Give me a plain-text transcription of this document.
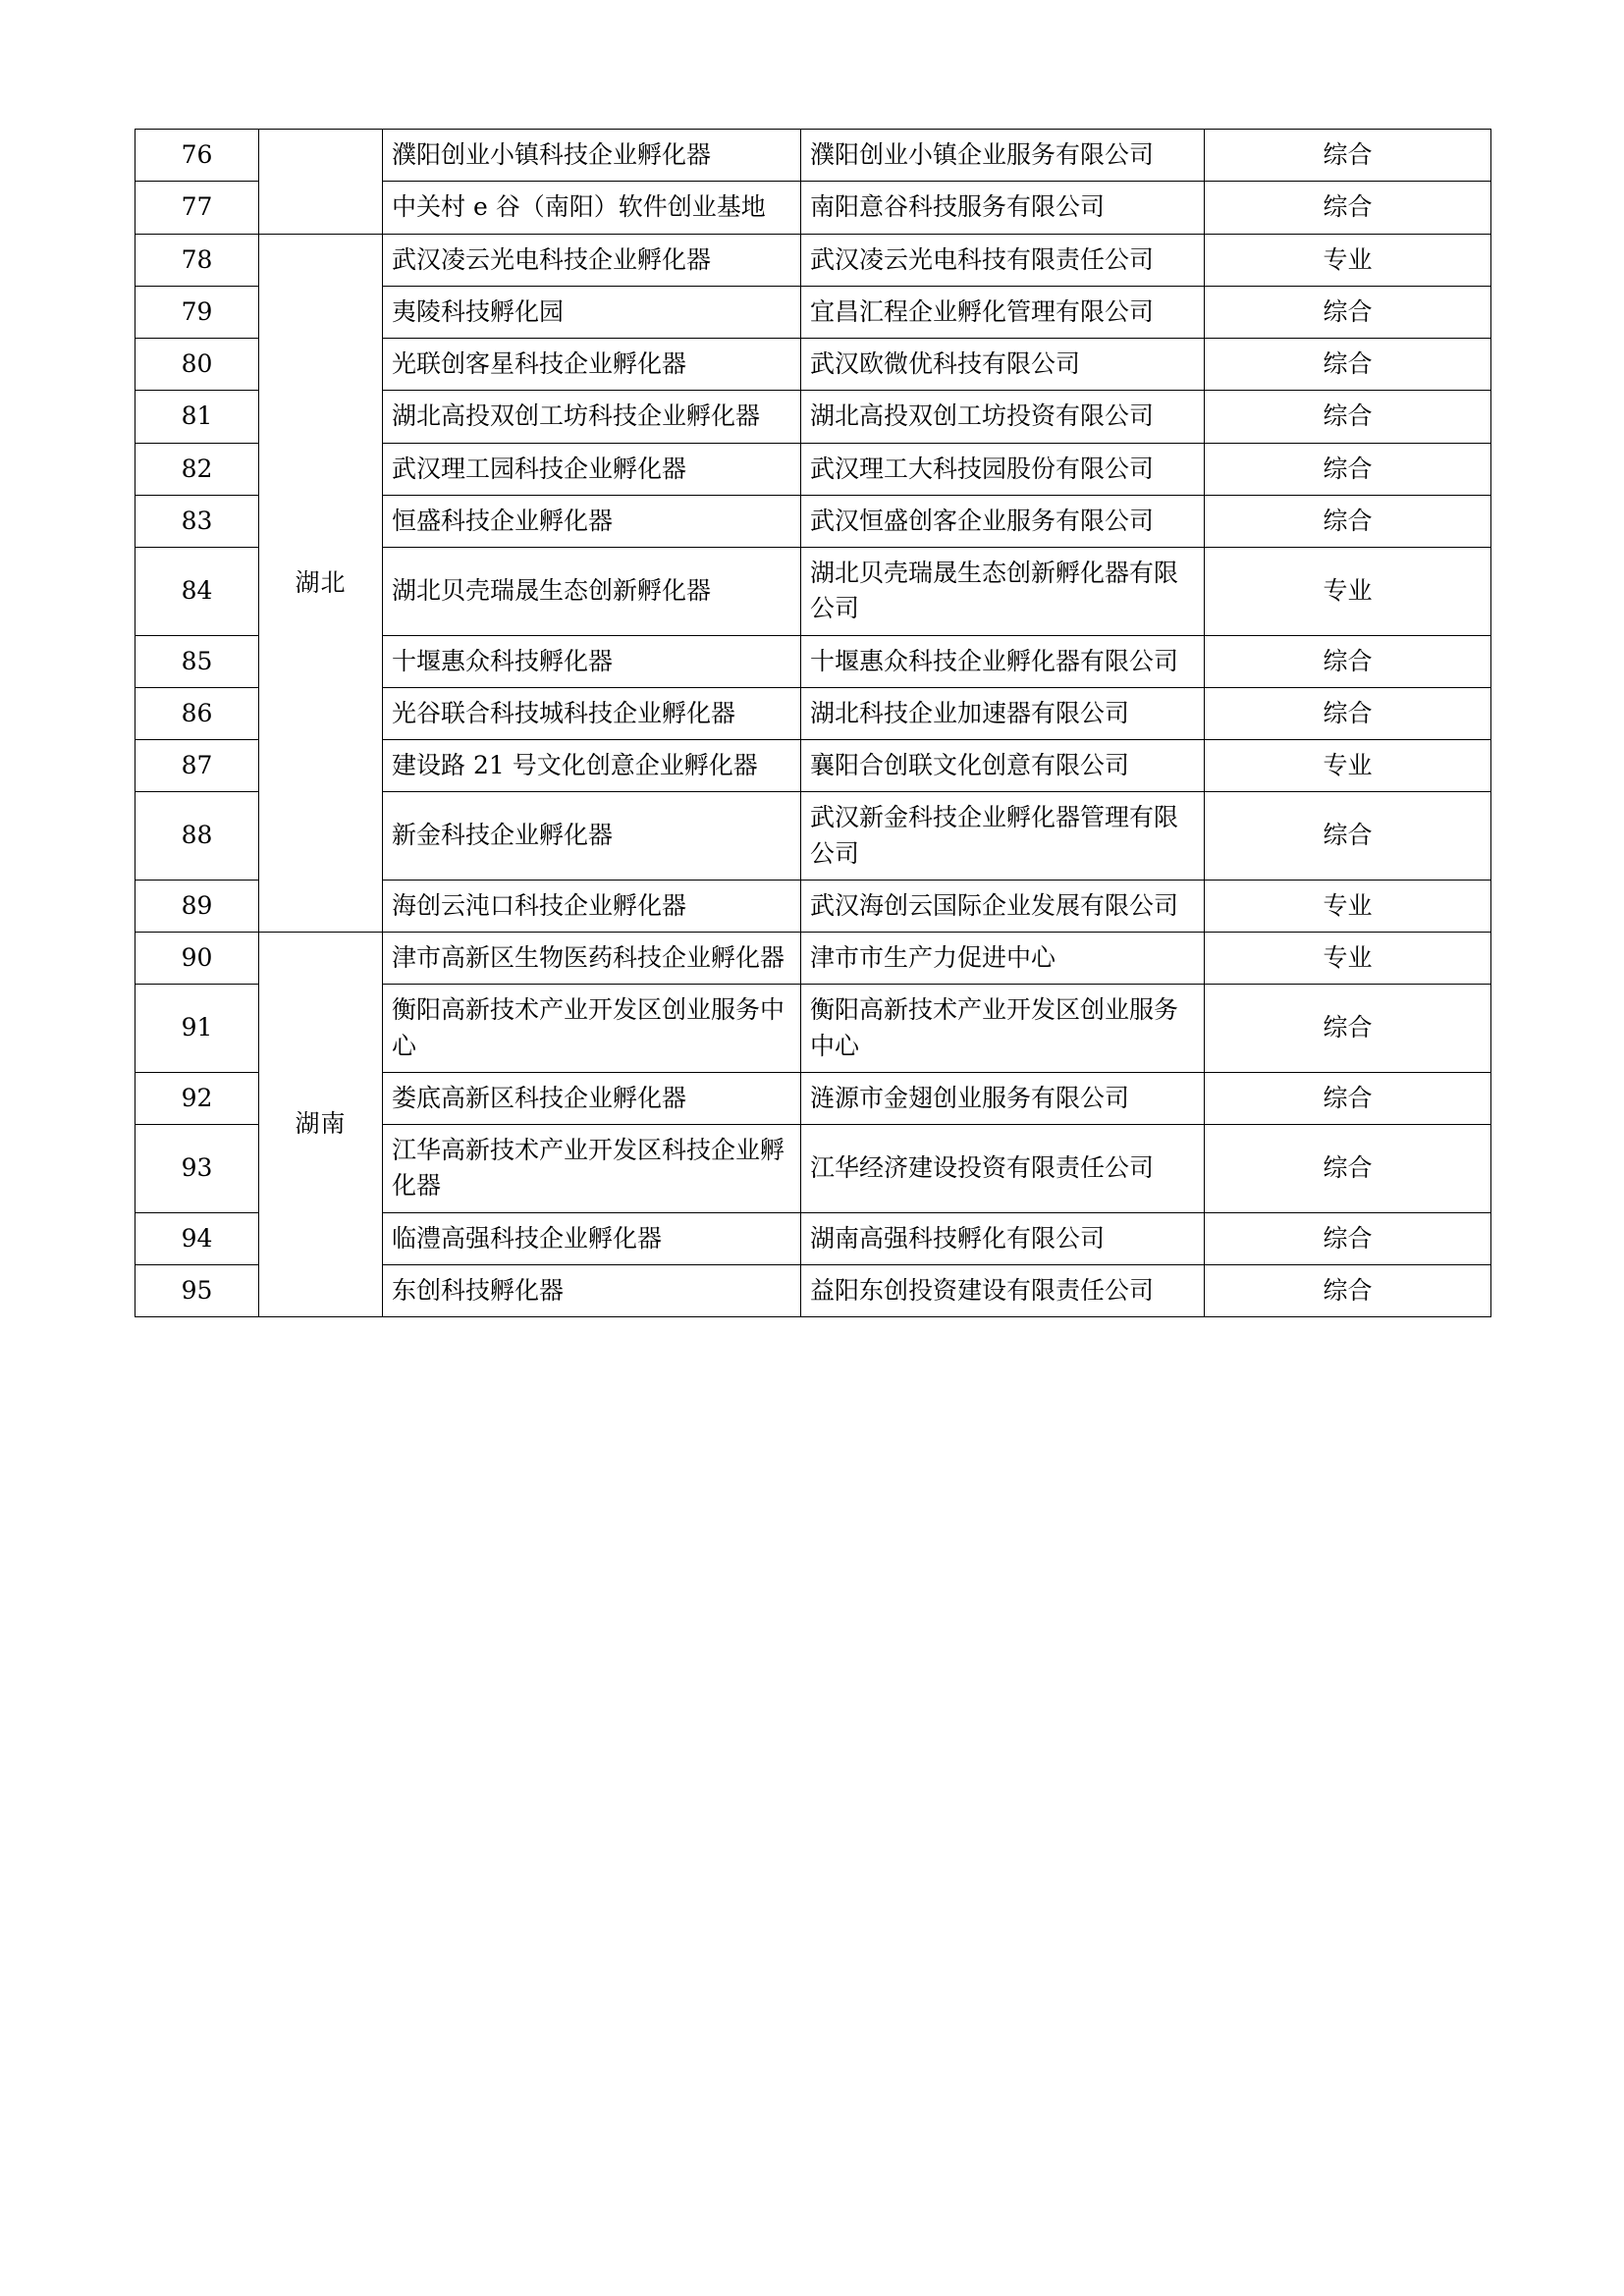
76		濮阳创业小镇科技企业孵化器	濮阳创业小镇企业服务有限公司	综合
77		中关村 e 谷（南阳）软件创业基地	南阳意谷科技服务有限公司	综合
78	湖北	武汉凌云光电科技企业孵化器	武汉凌云光电科技有限责任公司	专业
79		夷陵科技孵化园	宜昌汇程企业孵化管理有限公司	综合
80		光联创客星科技企业孵化器	武汉欧微优科技有限公司	综合
81		湖北高投双创工坊科技企业孵化器	湖北高投双创工坊投资有限公司	综合
82		武汉理工园科技企业孵化器	武汉理工大科技园股份有限公司	综合
83		恒盛科技企业孵化器	武汉恒盛创客企业服务有限公司	综合
84		湖北贝壳瑞晟生态创新孵化器	湖北贝壳瑞晟生态创新孵化器有限公司	专业
85		十堰惠众科技孵化器	十堰惠众科技企业孵化器有限公司	综合
86		光谷联合科技城科技企业孵化器	湖北科技企业加速器有限公司	综合
87		建设路 21 号文化创意企业孵化器	襄阳合创联文化创意有限公司	专业
88		新金科技企业孵化器	武汉新金科技企业孵化器管理有限公司	综合
89		海创云沌口科技企业孵化器	武汉海创云国际企业发展有限公司	专业
90	湖南	津市高新区生物医药科技企业孵化器	津市市生产力促进中心	专业
91		衡阳高新技术产业开发区创业服务中心	衡阳高新技术产业开发区创业服务中心	综合
92		娄底高新区科技企业孵化器	涟源市金翅创业服务有限公司	综合
93		江华高新技术产业开发区科技企业孵化器	江华经济建设投资有限责任公司	综合
94		临澧高强科技企业孵化器	湖南高强科技孵化有限公司	综合
95		东创科技孵化器	益阳东创投资建设有限责任公司	综合
